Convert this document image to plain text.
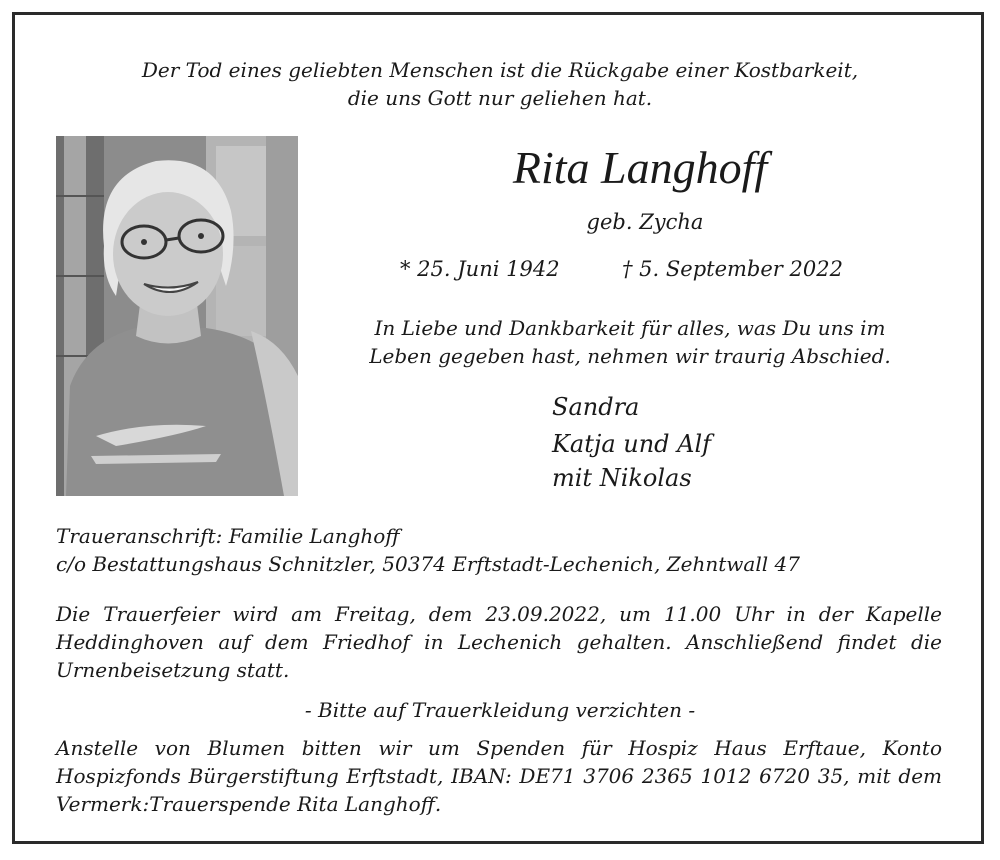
Der Tod eines geliebten Menschen ist die Rückgabe einer Kostbarkeit,
die uns Gott nur geliehen hat.
Rita Langhoff
geb. Zycha
* 25. Juni 1942	† 5. September 2022
In Liebe und Dankbarkeit für alles, was Du uns im
Leben gegeben hast, nehmen wir traurig Abschied.
Sandra
Katja und Alf
mit Nikolas
Traueranschrift: Familie Langhoff
c/o Bestattungshaus Schnitzler, 50374 Erftstadt-Lechenich, Zehntwall 47
Die Trauerfeier wird am Freitag, dem 23.09.2022, um 11.00 Uhr in der Kapelle
Heddinghoven auf dem Friedhof in Lechenich gehalten. Anschließend findet die
Urnenbeisetzung statt.
- Bitte auf Trauerkleidung verzichten -
Anstelle von Blumen bitten wir um Spenden für Hospiz Haus Erftaue, Konto
Hospizfonds Bürgerstiftung Erftstadt, IBAN: DE71 3706 2365 1012 6720 35, mit dem
Vermerk:Trauerspende Rita Langhoff.
